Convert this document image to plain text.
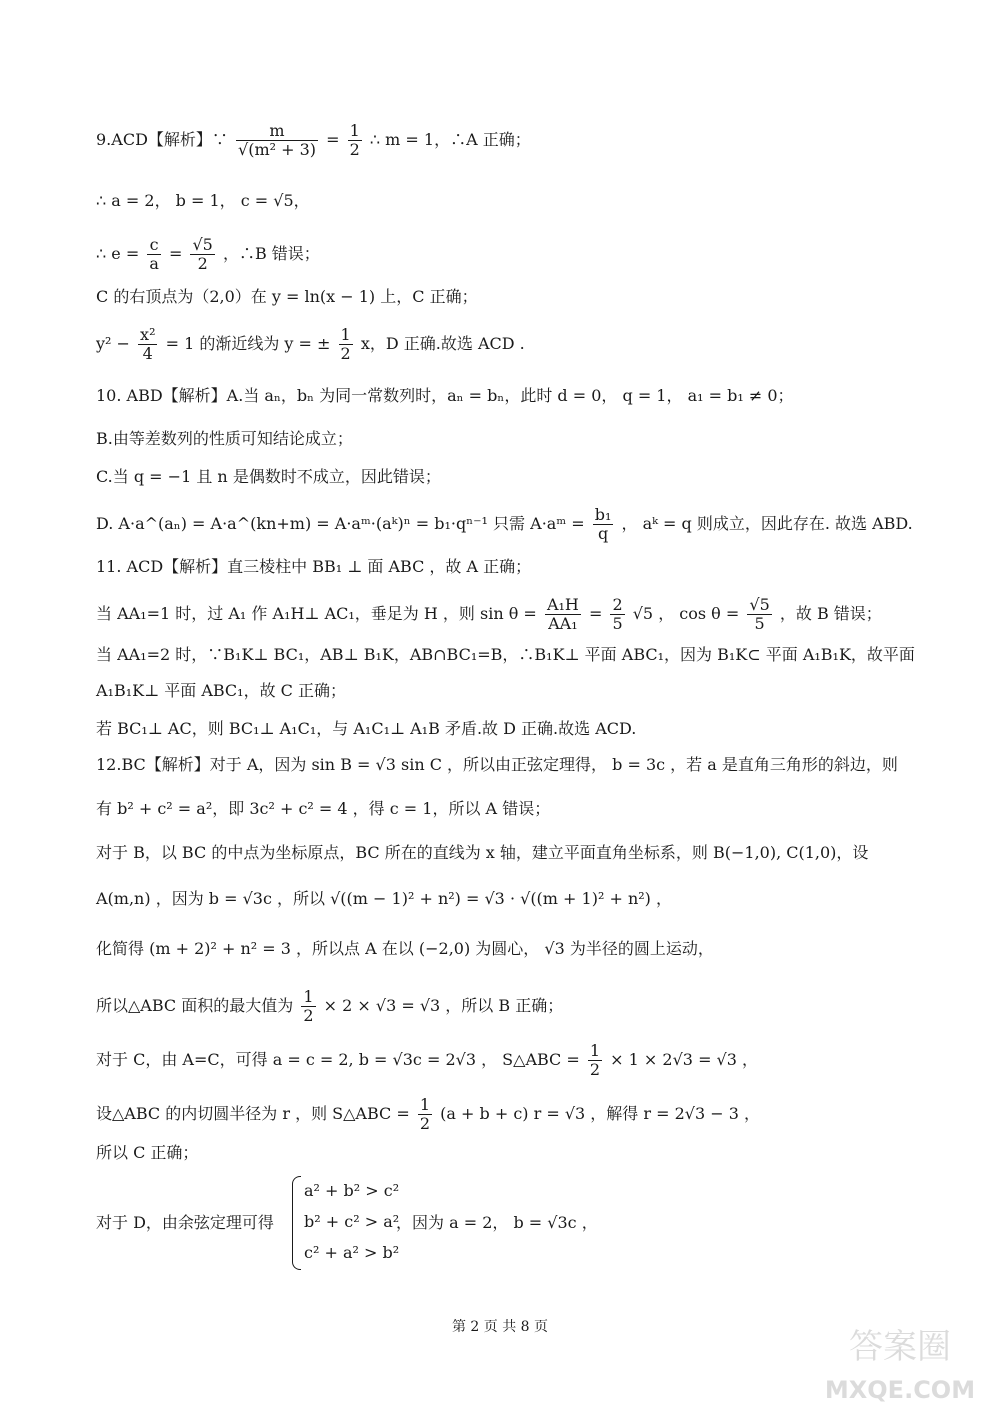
9.ACD【解析】∵ $\frac{m}{\text{√(m² + 3)}} = \frac{1}{2}$ ∴ m = 1，∴A 正确；
∴ a = 2， b = 1， c = √5，
∴ $e = \frac{c}{a} = \frac{√5}{2}$ ，∴B 错误；
C 的右顶点为（2,0）在 y = ln(x − 1) 上，C 正确；
$y^2 - \frac{\text{x²}}{4} = 1$ 的渐近线为 y = ± $\frac{1}{2}$ x，D 正确.故选 ACD .
10. ABD【解析】A.当 aₙ，bₙ 为同一常数列时，aₙ = bₙ，此时 d = 0， q = 1， a₁ = b₁ ≠ 0；
B.由等差数列的性质可知结论成立；
C.当 q = −1 且 n 是偶数时不成立，因此错误；
D. A·a^(aₙ) = A·a^(kn+m) = A·aᵐ·(aᵏ)ⁿ = b₁·qⁿ⁻¹ 只需 A·aᵐ = $\frac{\text{b₁}}{q}$ ， aᵏ = q 则成立，因此存在. 故选 ABD.
11. ACD【解析】直三棱柱中 BB₁ ⊥ 面 ABC ，故 A 正确；
当 AA₁=1 时，过 A₁ 作 A₁H⊥ AC₁，垂足为 H ，则 $\sin \theta = \frac{\text{A₁H}}{\text{AA₁}} = \frac{2}{5} √5$ ， $\cos \theta = \frac{√5}{5}$ ，故 B 错误；
当 AA₁=2 时，∵B₁K⊥ BC₁，AB⊥ B₁K，AB∩BC₁=B，∴B₁K⊥ 平面 ABC₁，因为 B₁K⊂ 平面 A₁B₁K，故平面
A₁B₁K⊥ 平面 ABC₁，故 C 正确；
若 BC₁⊥ AC，则 BC₁⊥ A₁C₁，与 A₁C₁⊥ A₁B 矛盾.故 D 正确.故选 ACD.
12.BC【解析】对于 A，因为 sin B = √3 sin C ，所以由正弦定理得， b = 3c ，若 a 是直角三角形的斜边，则
有 b² + c² = a²，即 3c² + c² = 4 ，得 c = 1，所以 A 错误；
对于 B，以 BC 的中点为坐标原点，BC 所在的直线为 x 轴，建立平面直角坐标系，则 B(−1,0), C(1,0)，设
A(m,n) ，因为 b = √3c ，所以 √((m − 1)² + n²) = √3 · √((m + 1)² + n²) ，
化简得 (m + 2)² + n² = 3 ，所以点 A 在以 (−2,0) 为圆心， √3 为半径的圆上运动，
所以△ABC 面积的最大值为 $\frac{1}{2} \times 2 \times √3 = √3$ ，所以 B 正确；
对于 C，由 A=C，可得 a = c = 2, b = √3c = 2√3 ， S△ABC = $\frac{1}{2} \times 1 \times 2√3 = √3$ ，
设△ABC 的内切圆半径为 r ，则 S△ABC = $\frac{1}{2} (a + b + c) r = √3$ ，解得 r = 2√3 − 3 ，
所以 C 正确；
对于 D，由余弦定理可得
a² + b² > c²
b² + c² > a²
c² + a² > b²
，因为 a = 2， b = √3c ，
第 2 页 共 8 页	答案圈
MXQE.COM
